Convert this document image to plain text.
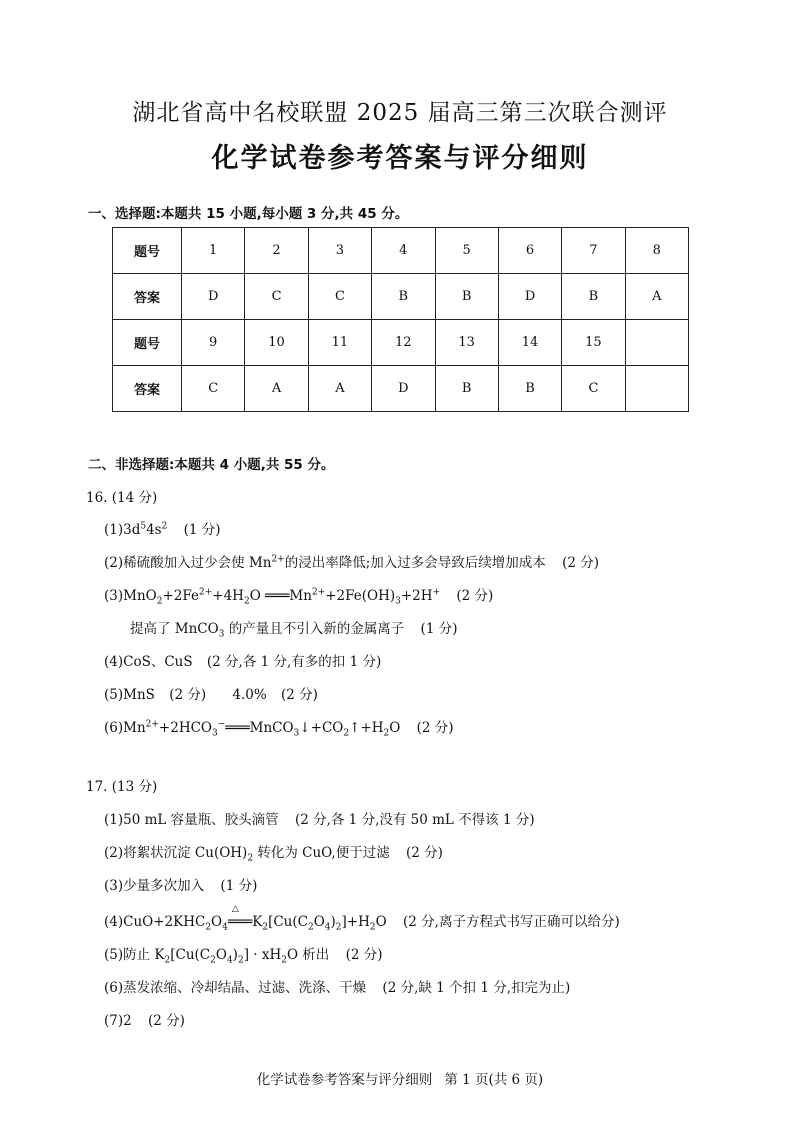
湖北省高中名校联盟 2025 届高三第三次联合测评
化学试卷参考答案与评分细则
一、选择题:本题共 15 小题,每小题 3 分,共 45 分。
题号	1	2	3	4	5	6	7	8
答案	D	C	C	B	B	D	B	A
题号	9	10	11	12	13	14	15	
答案	C	A	A	D	B	B	C	
二、非选择题:本题共 4 小题,共 55 分。
16. (14 分)
$(1)3d^54s^2$ (1 分)
(2)稀硫酸加入过少会使 $Mn^{2+}$的浸出率降低;加入过多会导致后续增加成本 (2 分)
$(3)MnO_2+2Fe^{2+}+4H_2O$ $═══Mn^{2+}+2Fe(OH)_3+2H^+$ (2 分)
提高了 MnCO$_3$ 的产量且不引入新的金属离子 (1 分)
(4)CoS、CuS (2 分,各 1 分,有多的扣 1 分)
(5)MnS (2 分) 4.0% (2 分)
$(6)Mn^{2+}+2HCO_3^-═══MnCO_3↓+CO_2↑+H_2O$ (2 分)
17. (13 分)
(1)50 mL 容量瓶、胶头滴管 (2 分,各 1 分,没有 50 mL 不得该 1 分)
(2)将絮状沉淀 $Cu(OH)_2$ 转化为 CuO,便于过滤 (2 分)
(3)少量多次加入 (1 分)
$(4)CuO+2KHC_2O_4$
△
$═══K_2[Cu(C_2O_4)_2]+H_2O$ (2 分,离子方程式书写正确可以给分)
(5)防止 $K_2[Cu(C_2O_4)_2] \cdot xH_2O$ 析出 (2 分)
(6)蒸发浓缩、冷却结晶、过滤、洗涤、干燥 (2 分,缺 1 个扣 1 分,扣完为止)
(7)2 (2 分)
化学试卷参考答案与评分细则 第 1 页(共 6 页)
